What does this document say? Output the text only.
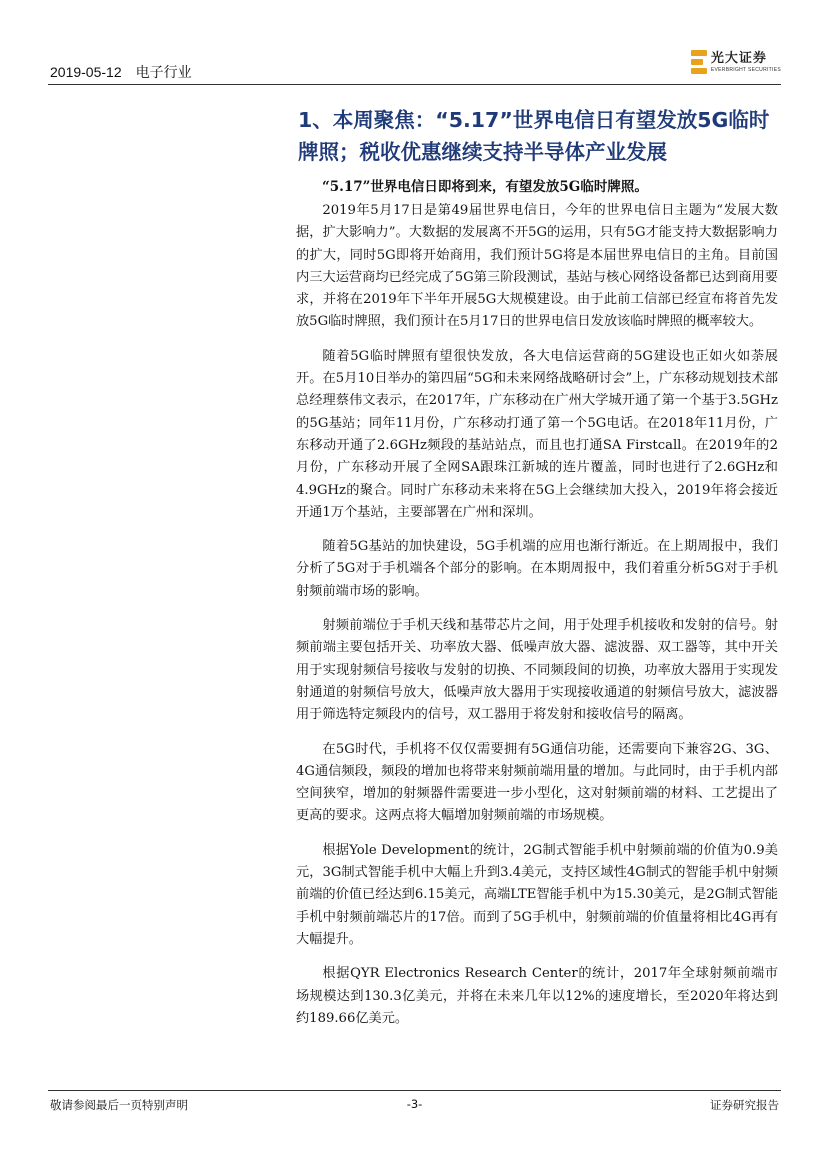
2019-05-12 电子行业
光大证券
EVERBRIGHT SECURITIES
1、本周聚焦：“5.17”世界电信日有望发放5G临时牌照；税收优惠继续支持半导体产业发展

“5.17”世界电信日即将到来，有望发放5G临时牌照。

2019年5月17日是第49届世界电信日，今年的世界电信日主题为“发展大数据，扩大影响力”。大数据的发展离不开5G的运用，只有5G才能支持大数据影响力的扩大，同时5G即将开始商用，我们预计5G将是本届世界电信日的主角。目前国内三大运营商均已经完成了5G第三阶段测试，基站与核心网络设备都已达到商用要求，并将在2019年下半年开展5G大规模建设。由于此前工信部已经宣布将首先发放5G临时牌照，我们预计在5月17日的世界电信日发放该临时牌照的概率较大。

随着5G临时牌照有望很快发放，各大电信运营商的5G建设也正如火如荼展开。在5月10日举办的第四届“5G和未来网络战略研讨会”上，广东移动规划技术部总经理蔡伟文表示，在2017年，广东移动在广州大学城开通了第一个基于3.5GHz的5G基站；同年11月份，广东移动打通了第一个5G电话。在2018年11月份，广东移动开通了2.6GHz频段的基站站点，而且也打通SA Firstcall。在2019年的2月份，广东移动开展了全网SA跟珠江新城的连片覆盖，同时也进行了2.6GHz和4.9GHz的聚合。同时广东移动未来将在5G上会继续加大投入，2019年将会接近开通1万个基站，主要部署在广州和深圳。

随着5G基站的加快建设，5G手机端的应用也渐行渐近。在上期周报中，我们分析了5G对于手机端各个部分的影响。在本期周报中，我们着重分析5G对于手机射频前端市场的影响。

射频前端位于手机天线和基带芯片之间，用于处理手机接收和发射的信号。射频前端主要包括开关、功率放大器、低噪声放大器、滤波器、双工器等，其中开关用于实现射频信号接收与发射的切换、不同频段间的切换，功率放大器用于实现发射通道的射频信号放大，低噪声放大器用于实现接收通道的射频信号放大，滤波器用于筛选特定频段内的信号，双工器用于将发射和接收信号的隔离。

在5G时代，手机将不仅仅需要拥有5G通信功能，还需要向下兼容2G、3G、4G通信频段，频段的增加也将带来射频前端用量的增加。与此同时，由于手机内部空间狭窄，增加的射频器件需要进一步小型化，这对射频前端的材料、工艺提出了更高的要求。这两点将大幅增加射频前端的市场规模。

根据Yole Development的统计，2G制式智能手机中射频前端的价值为0.9美元，3G制式智能手机中大幅上升到3.4美元，支持区域性4G制式的智能手机中射频前端的价值已经达到6.15美元，高端LTE智能手机中为15.30美元，是2G制式智能手机中射频前端芯片的17倍。而到了5G手机中，射频前端的价值量将相比4G再有大幅提升。

根据QYR Electronics Research Center的统计，2017年全球射频前端市场规模达到130.3亿美元，并将在未来几年以12%的速度增长，至2020年将达到约189.66亿美元。

敬请参阅最后一页特别声明	-3-	证券研究报告
